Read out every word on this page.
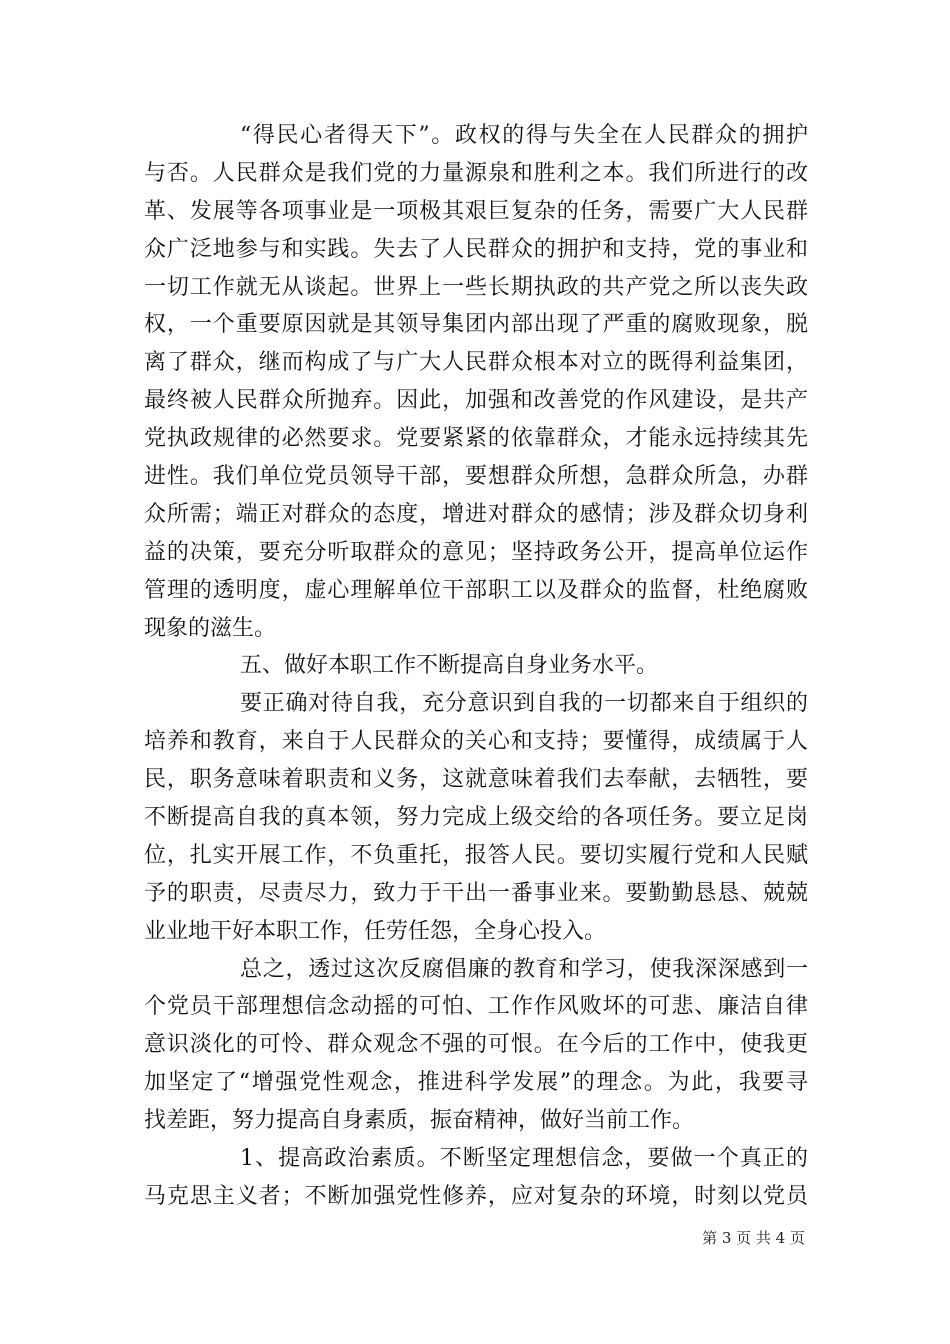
“得民心者得天下”。政权的得与失全在人民群众的拥护
与否。人民群众是我们党的力量源泉和胜利之本。我们所进行的改
革、发展等各项事业是一项极其艰巨复杂的任务，需要广大人民群
众广泛地参与和实践。失去了人民群众的拥护和支持，党的事业和
一切工作就无从谈起。世界上一些长期执政的共产党之所以丧失政
权，一个重要原因就是其领导集团内部出现了严重的腐败现象，脱
离了群众，继而构成了与广大人民群众根本对立的既得利益集团，
最终被人民群众所抛弃。因此，加强和改善党的作风建设，是共产
党执政规律的必然要求。党要紧紧的依靠群众，才能永远持续其先
进性。我们单位党员领导干部，要想群众所想，急群众所急，办群
众所需；端正对群众的态度，增进对群众的感情；涉及群众切身利
益的决策，要充分听取群众的意见；坚持政务公开，提高单位运作
管理的透明度，虚心理解单位干部职工以及群众的监督，杜绝腐败
现象的滋生。
五、做好本职工作不断提高自身业务水平。
要正确对待自我，充分意识到自我的一切都来自于组织的
培养和教育，来自于人民群众的关心和支持；要懂得，成绩属于人
民，职务意味着职责和义务，这就意味着我们去奉献，去牺牲，要
不断提高自我的真本领，努力完成上级交给的各项任务。要立足岗
位，扎实开展工作，不负重托，报答人民。要切实履行党和人民赋
予的职责，尽责尽力，致力于干出一番事业来。要勤勤恳恳、兢兢
业业地干好本职工作，任劳任怨，全身心投入。
总之，透过这次反腐倡廉的教育和学习，使我深深感到一
个党员干部理想信念动摇的可怕、工作作风败坏的可悲、廉洁自律
意识淡化的可怜、群众观念不强的可恨。在今后的工作中，使我更
加坚定了“增强党性观念，推进科学发展”的理念。为此，我要寻
找差距，努力提高自身素质，振奋精神，做好当前工作。
1、提高政治素质。不断坚定理想信念，要做一个真正的
马克思主义者；不断加强党性修养，应对复杂的环境，时刻以党员
第 3 页 共 4 页
